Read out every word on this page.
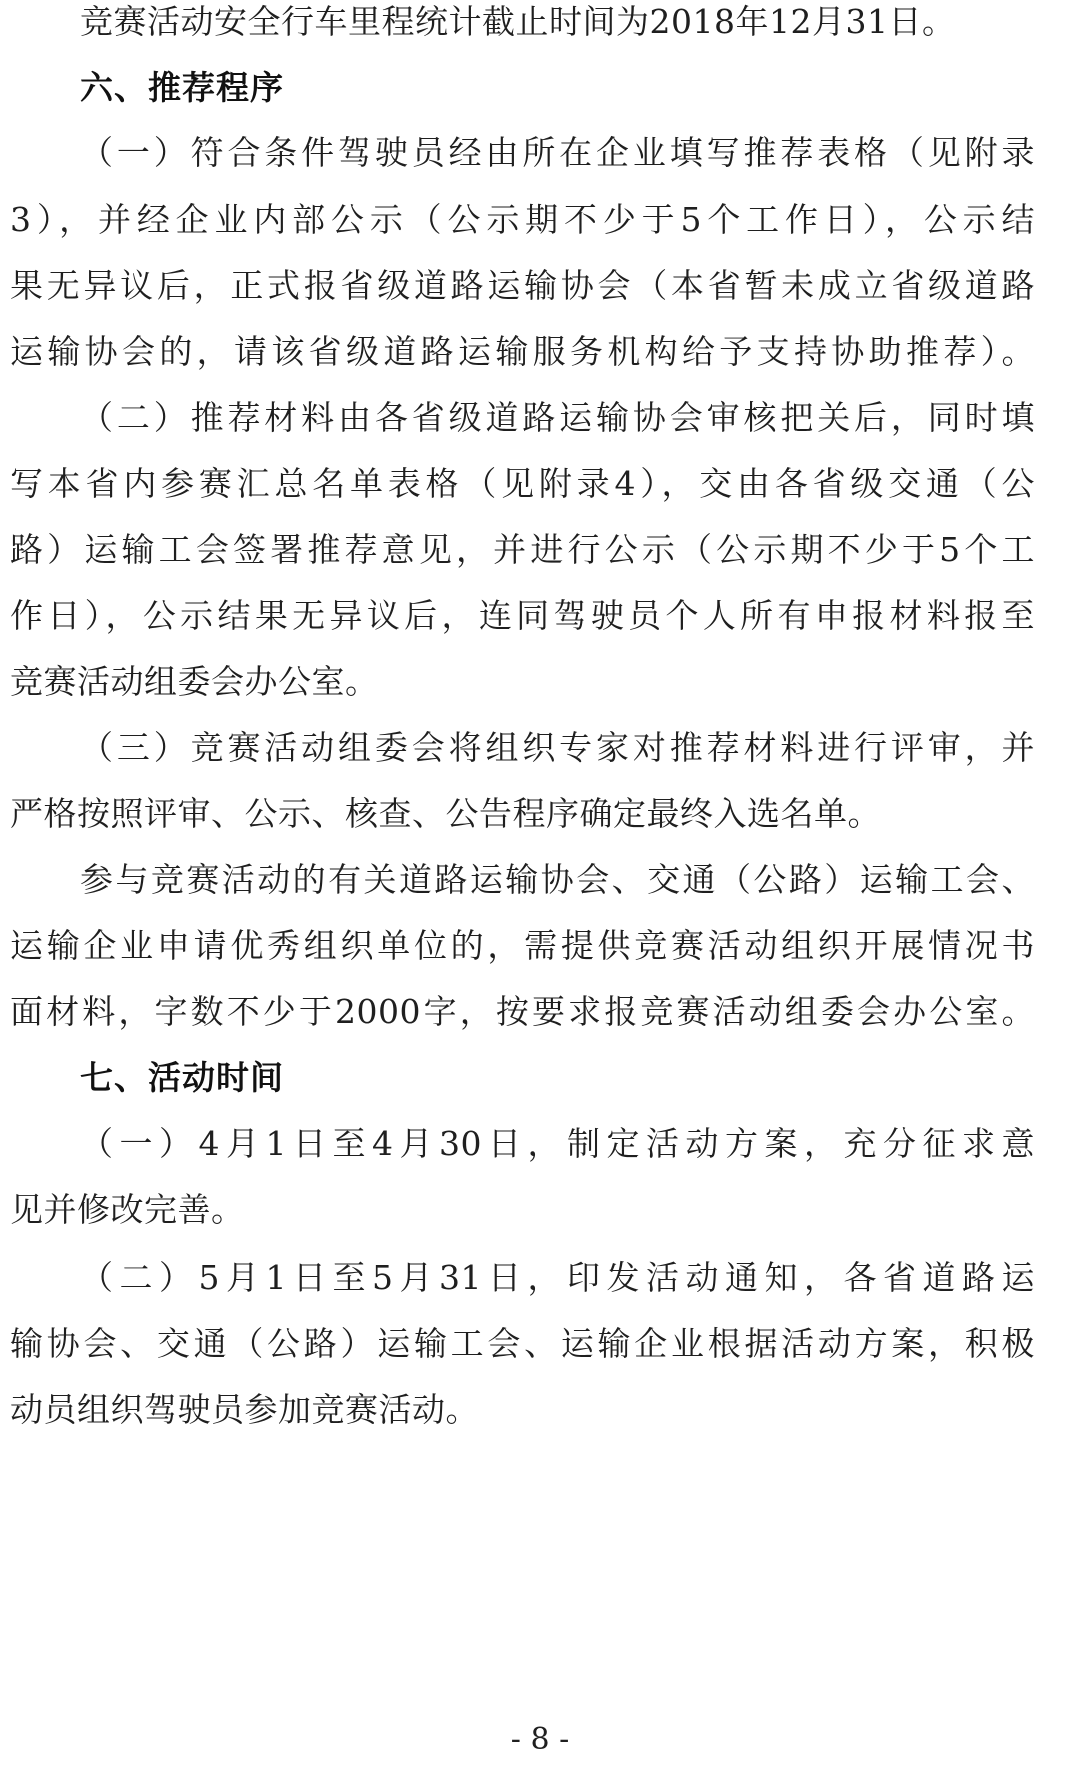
竞赛活动安全行车里程统计截止时间为2018年12月31日。
六、推荐程序
（一）符合条件驾驶员经由所在企业填写推荐表格（见附录
3），并经企业内部公示（公示期不少于5个工作日），公示结
果无异议后，正式报省级道路运输协会（本省暂未成立省级道路
运输协会的，请该省级道路运输服务机构给予支持协助推荐）。
（二）推荐材料由各省级道路运输协会审核把关后，同时填
写本省内参赛汇总名单表格（见附录4），交由各省级交通（公
路）运输工会签署推荐意见，并进行公示（公示期不少于5个工
作日），公示结果无异议后，连同驾驶员个人所有申报材料报至
竞赛活动组委会办公室。
（三）竞赛活动组委会将组织专家对推荐材料进行评审，并
严格按照评审、公示、核查、公告程序确定最终入选名单。
参与竞赛活动的有关道路运输协会、交通（公路）运输工会、
运输企业申请优秀组织单位的，需提供竞赛活动组织开展情况书
面材料，字数不少于2000字，按要求报竞赛活动组委会办公室。
七、活动时间
（一）4月1日至4月30日，制定活动方案，充分征求意
见并修改完善。
（二）5月1日至5月31日，印发活动通知，各省道路运
输协会、交通（公路）运输工会、运输企业根据活动方案，积极
动员组织驾驶员参加竞赛活动。
- 8 -
